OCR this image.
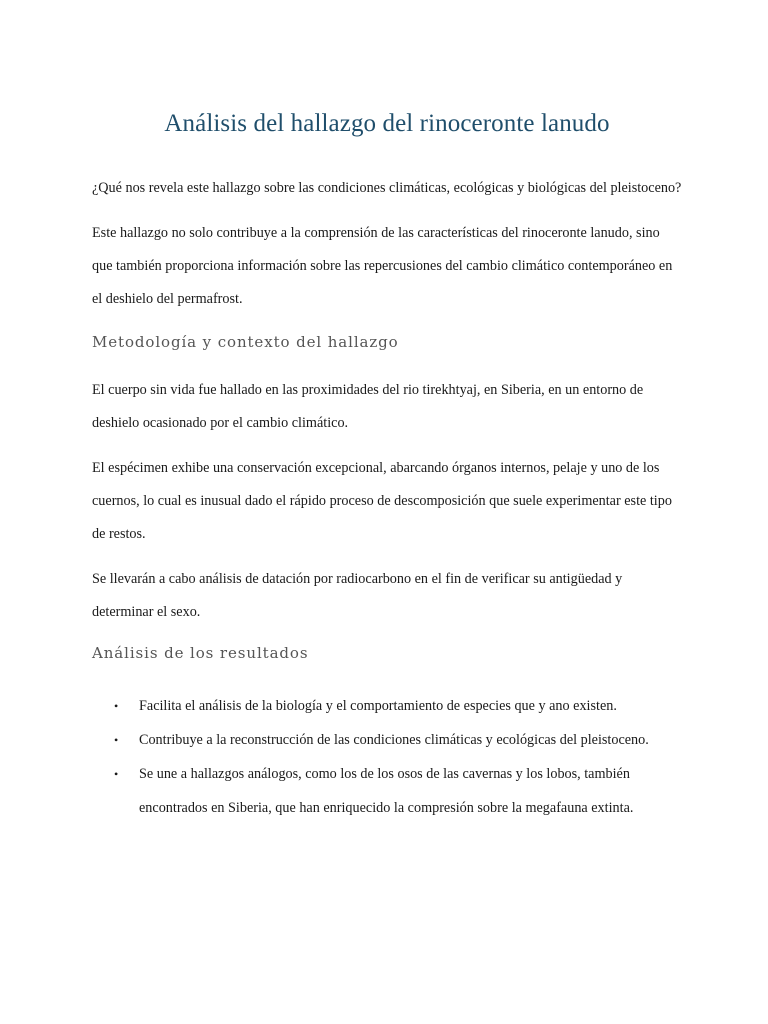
Análisis del hallazgo del rinoceronte lanudo

¿Qué nos revela este hallazgo sobre las condiciones climáticas, ecológicas y biológicas del pleistoceno?

Este hallazgo no solo contribuye a la comprensión de las características del rinoceronte lanudo, sino que también proporciona información sobre las repercusiones del cambio climático contemporáneo en el deshielo del permafrost.

Metodología y contexto del hallazgo

El cuerpo sin vida fue hallado en las proximidades del rio tirekhtyaj, en Siberia, en un entorno de deshielo ocasionado por el cambio climático.

El espécimen exhibe una conservación excepcional, abarcando órganos internos, pelaje y uno de los cuernos, lo cual es inusual dado el rápido proceso de descomposición que suele experimentar este tipo de restos.

Se llevarán a cabo análisis de datación por radiocarbono en el fin de verificar su antigüedad y determinar el sexo.

Análisis de los resultados
• Facilita el análisis de la biología y el comportamiento de especies que y ano existen.
• Contribuye a la reconstrucción de las condiciones climáticas y ecológicas del pleistoceno.
• Se une a hallazgos análogos, como los de los osos de las cavernas y los lobos, también encontrados en Siberia, que han enriquecido la compresión sobre la megafauna extinta.
